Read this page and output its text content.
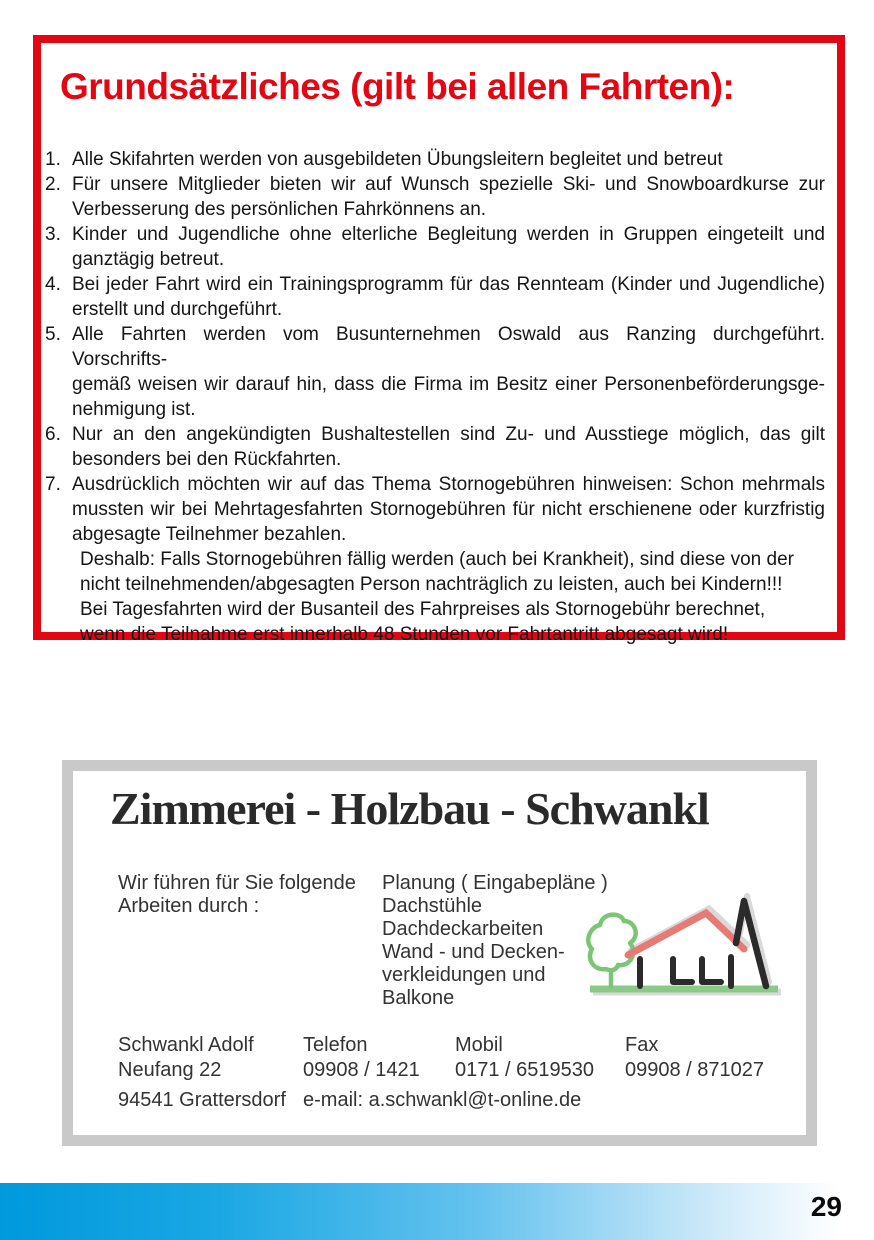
Grundsätzliches (gilt bei allen Fahrten):
1. Alle Skifahrten werden von ausgebildeten Übungsleitern begleitet und betreut
2. Für unsere Mitglieder bieten wir auf Wunsch spezielle Ski- und Snowboardkurse zur
Verbesserung des persönlichen Fahrkönnens an.
3. Kinder und Jugendliche ohne elterliche Begleitung werden in Gruppen eingeteilt und
ganztägig betreut.
4. Bei jeder Fahrt wird ein Trainingsprogramm für das Rennteam (Kinder und Jugendliche)
erstellt und durchgeführt.
5. Alle Fahrten werden vom Busunternehmen Oswald aus Ranzing durchgeführt. Vorschrifts-
gemäß weisen wir darauf hin, dass die Firma im Besitz einer Personenbeförderungsge-
nehmigung ist.
6. Nur an den angekündigten Bushaltestellen sind Zu- und Ausstiege möglich, das gilt
besonders bei den Rückfahrten.
7. Ausdrücklich möchten wir auf das Thema Stornogebühren hinweisen: Schon mehrmals
mussten wir bei Mehrtagesfahrten Stornogebühren für nicht erschienene oder kurzfristig
abgesagte Teilnehmer bezahlen.
Deshalb: Falls Stornogebühren fällig werden (auch bei Krankheit), sind diese von der
nicht teilnehmenden/abgesagten Person nachträglich zu leisten, auch bei Kindern!!!
Bei Tagesfahrten wird der Busanteil des Fahrpreises als Stornogebühr berechnet,
wenn die Teilnahme erst innerhalb 48 Stunden vor Fahrtantritt abgesagt wird!
Zimmerei - Holzbau - Schwankl
Wir führen für Sie folgende
Arbeiten durch :
Planung ( Eingabepläne )
Dachstühle
Dachdeckarbeiten
Wand - und Decken-
verkleidungen und
Balkone
Schwankl Adolf
Neufang 22
94541 Grattersdorf
Telefon
09908 / 1421
e-mail: a.schwankl@t-online.de
Mobil
0171 / 6519530
Fax
09908 / 871027
29
